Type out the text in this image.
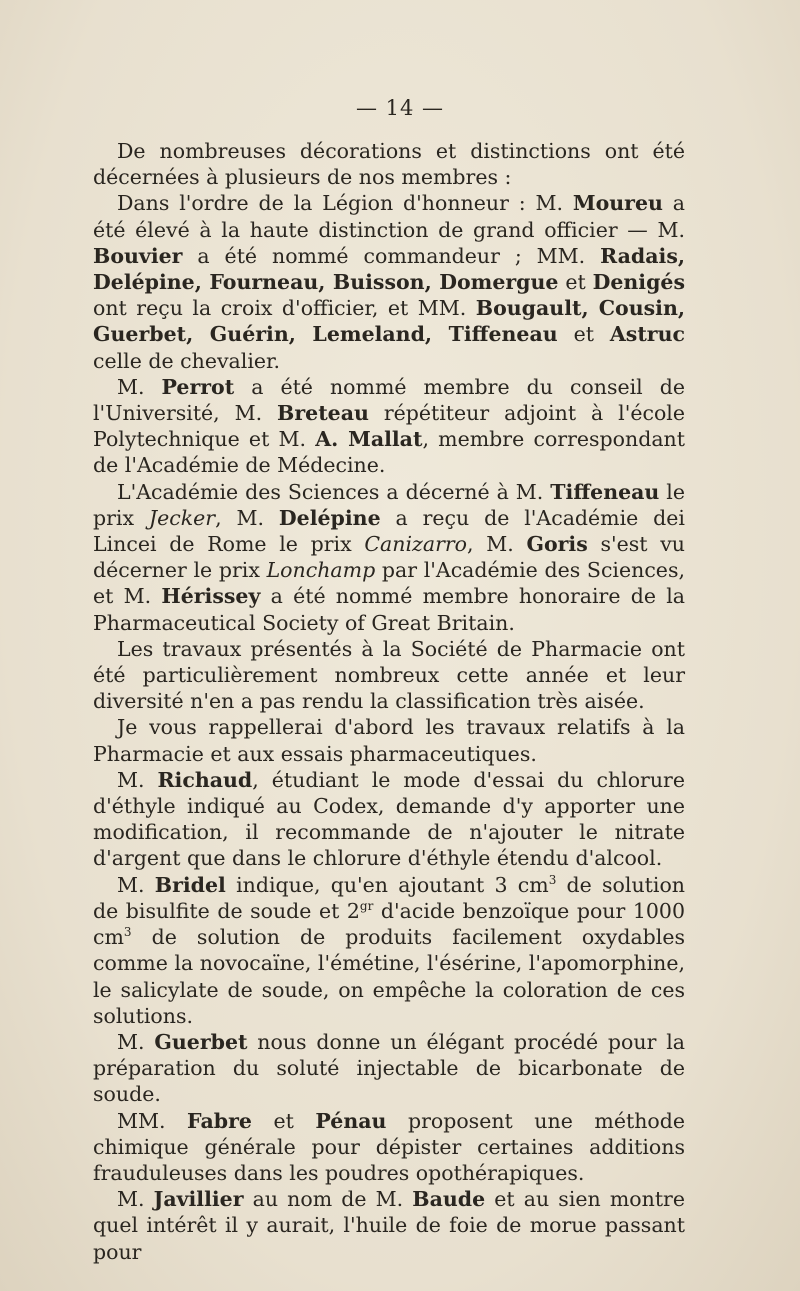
— 14 —

De nombreuses décorations et distinctions ont été décernées à plusieurs de nos membres :

Dans l'ordre de la Légion d'honneur : M. Moureu a été élevé à la haute distinction de grand officier — M. Bouvier a été nommé commandeur ; MM. Radais, Delépine, Fourneau, Buisson, Domergue et Denigés ont reçu la croix d'officier, et MM. Bougault, Cousin, Guerbet, Guérin, Lemeland, Tiffeneau et Astruc celle de chevalier.

M. Perrot a été nommé membre du conseil de l'Université, M. Breteau répétiteur adjoint à l'école Polytechnique et M. A. Mallat, membre correspondant de l'Académie de Médecine.

L'Académie des Sciences a décerné à M. Tiffeneau le prix Jecker, M. Delépine a reçu de l'Académie dei Lincei de Rome le prix Canizarro, M. Goris s'est vu décerner le prix Lonchamp par l'Académie des Sciences, et M. Hérissey a été nommé membre honoraire de la Pharmaceutical Society of Great Britain.

Les travaux présentés à la Société de Pharmacie ont été particulièrement nombreux cette année et leur diversité n'en a pas rendu la classification très aisée.

Je vous rappellerai d'abord les travaux relatifs à la Pharmacie et aux essais pharmaceutiques.

M. Richaud, étudiant le mode d'essai du chlorure d'éthyle indiqué au Codex, demande d'y apporter une modification, il recommande de n'ajouter le nitrate d'argent que dans le chlorure d'éthyle étendu d'alcool.

M. Bridel indique, qu'en ajoutant 3 $cm^3$ de solution de bisulfite de soude et $2^{gr}$ d'acide benzoïque pour 1000 $cm^3$ de solution de produits facilement oxydables comme la novocaïne, l'émétine, l'ésérine, l'apomorphine, le salicylate de soude, on empêche la coloration de ces solutions.

M. Guerbet nous donne un élégant procédé pour la préparation du soluté injectable de bicarbonate de soude.

MM. Fabre et Pénau proposent une méthode chimique générale pour dépister certaines additions frauduleuses dans les poudres opothérapiques.

M. Javillier au nom de M. Baude et au sien montre quel intérêt il y aurait, l'huile de foie de morue passant pour
